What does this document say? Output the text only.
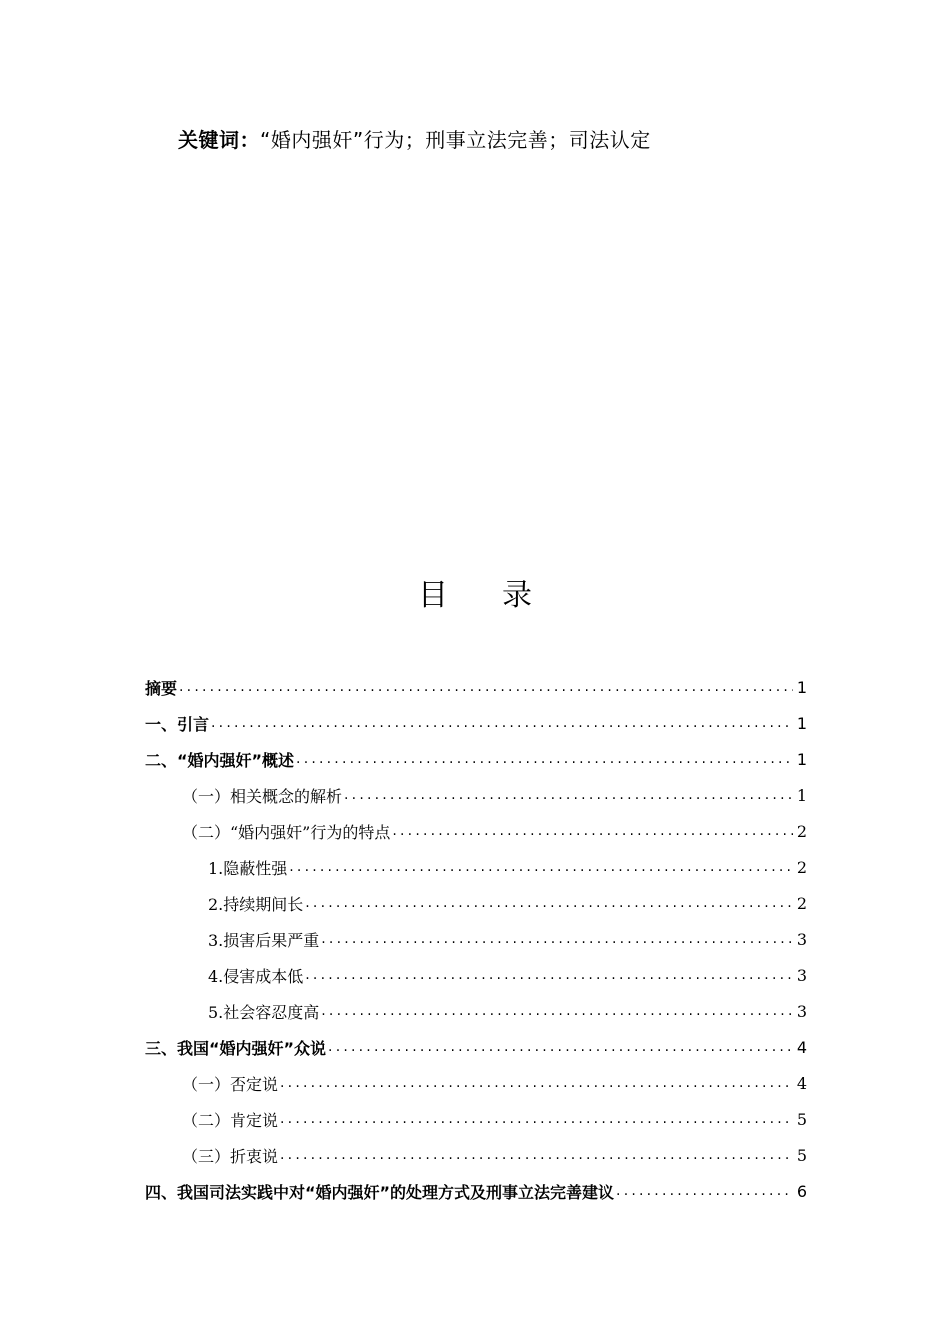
关键词：“婚内强奸”行为；刑事立法完善；司法认定
目 录
摘要 .....	1
一、引言 .....	1
二、“婚内强奸”概述 .....	1
（一）相关概念的解析 .....	1
（二）“婚内强奸”行为的特点 .....	2
1.隐蔽性强 .....	2
2.持续期间长 .....	2
3.损害后果严重 .....	3
4.侵害成本低 .....	3
5.社会容忍度高 .....	3
三、我国“婚内强奸”众说 .....	4
（一）否定说 .....	4
（二）肯定说 .....	5
（三）折衷说 .....	5
四、我国司法实践中对“婚内强奸”的处理方式及刑事立法完善建议 .....	6
